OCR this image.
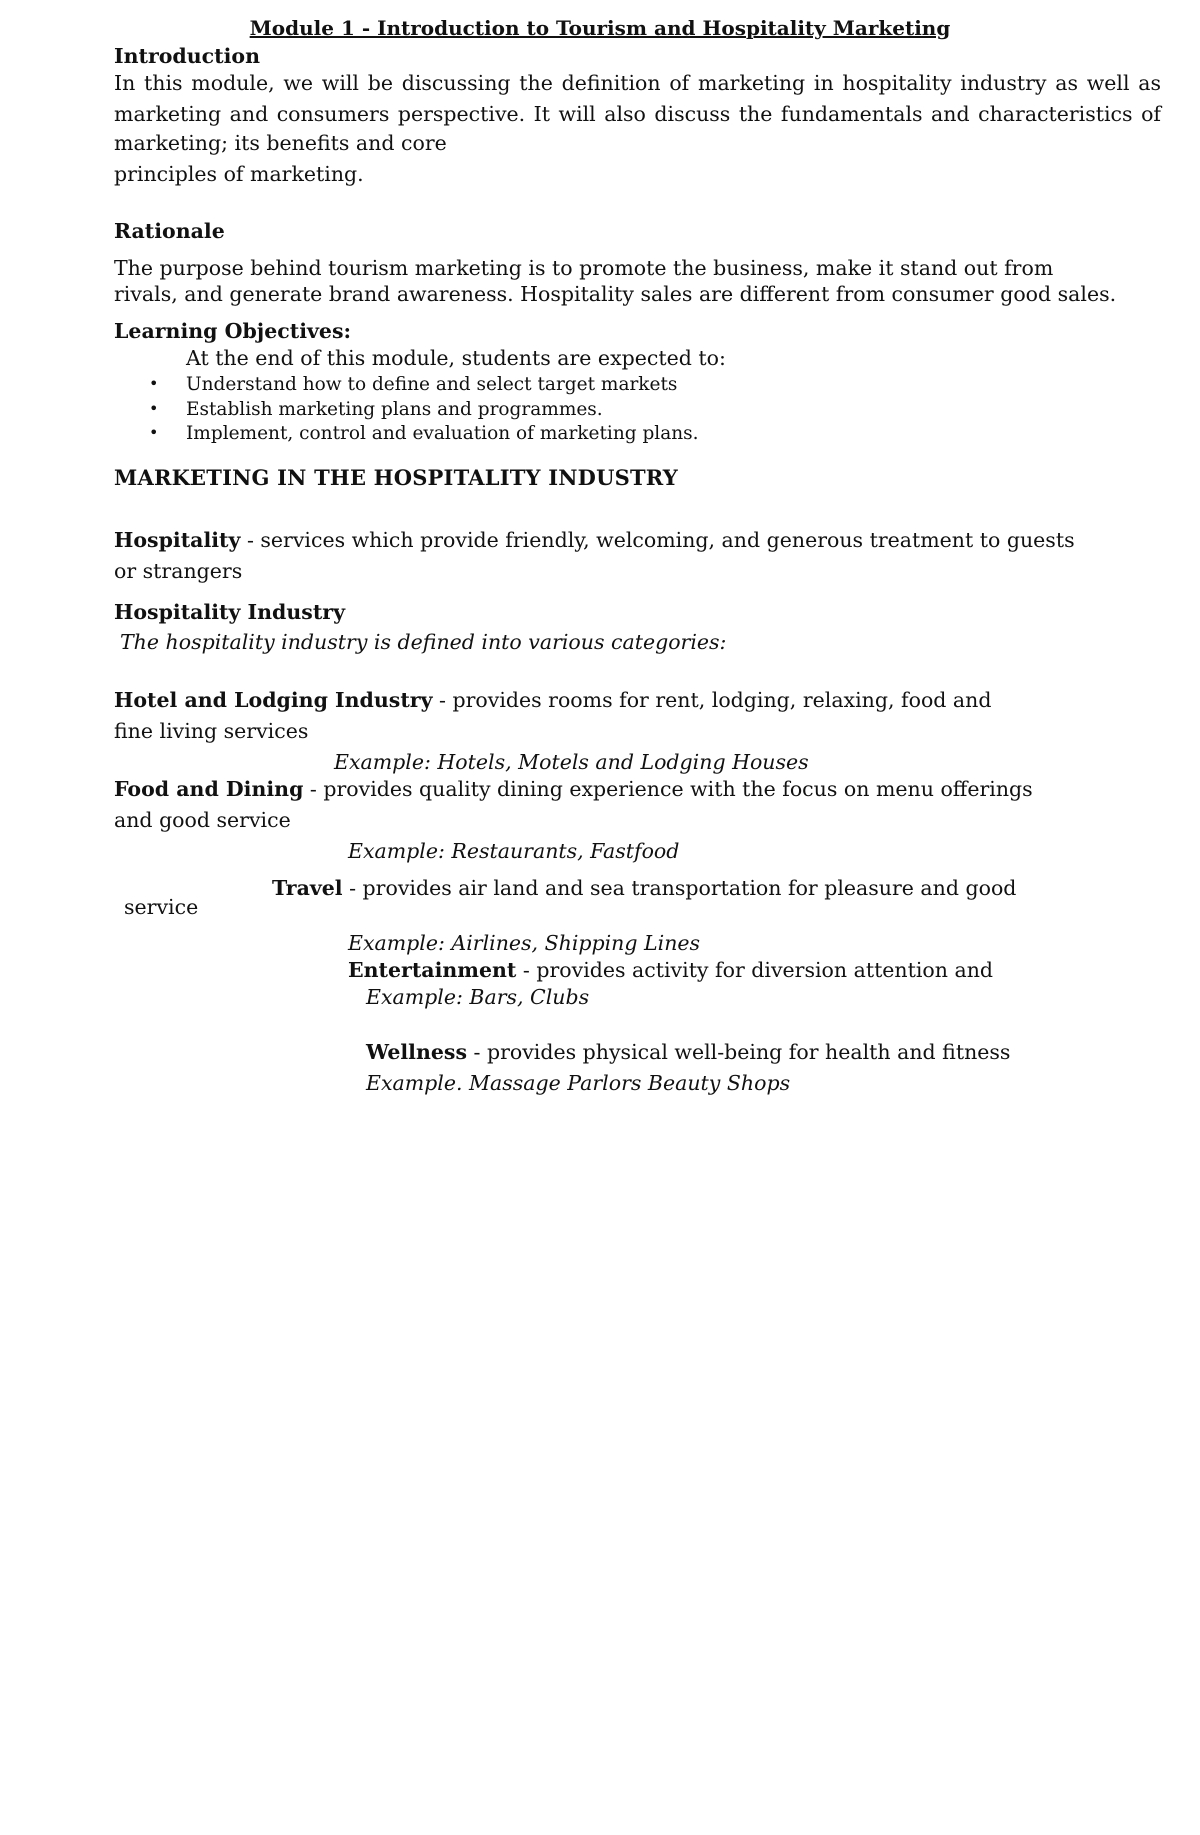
Module 1 - Introduction to Tourism and Hospitality Marketing
Introduction
In this module, we will be discussing the definition of marketing in hospitality industry as well as
marketing and consumers perspective. It will also discuss the fundamentals and characteristics of
marketing; its benefits and core
principles of marketing.
Rationale
The purpose behind tourism marketing is to promote the business, make it stand out from
rivals, and generate brand awareness. Hospitality sales are different from consumer good sales.
Learning Objectives:
At the end of this module, students are expected to:
• Understand how to define and select target markets
• Establish marketing plans and programmes.
• Implement, control and evaluation of marketing plans.
MARKETING IN THE HOSPITALITY INDUSTRY
Hospitality - services which provide friendly, welcoming, and generous treatment to guests
or strangers
Hospitality Industry
The hospitality industry is defined into various categories:
Hotel and Lodging Industry - provides rooms for rent, lodging, relaxing, food and
fine living services
Example: Hotels, Motels and Lodging Houses
Food and Dining - provides quality dining experience with the focus on menu offerings
and good service
Example: Restaurants, Fastfood
Travel - provides air land and sea transportation for pleasure and good
service
Example: Airlines, Shipping Lines
Entertainment - provides activity for diversion attention and
Example: Bars, Clubs
Wellness - provides physical well-being for health and fitness
Example. Massage Parlors Beauty Shops
